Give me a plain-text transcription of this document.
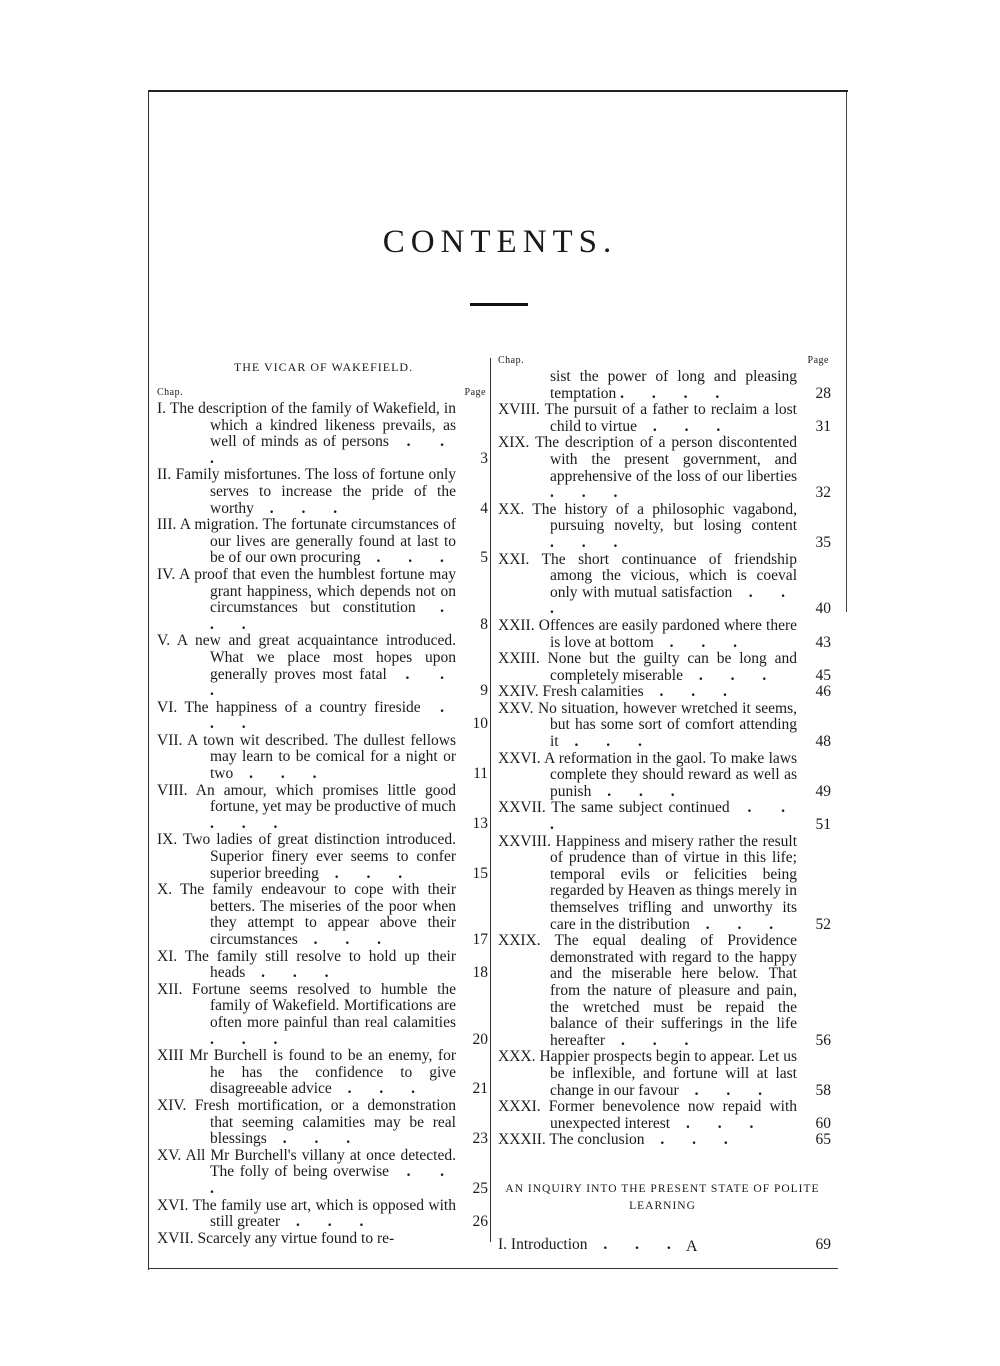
CONTENTS.
THE VICAR OF WAKEFIELD.
Chap.	Page
I. The description of the family of Wakefield, in which a kindred likeness prevails, as well of minds as of persons . . .	3
II. Family misfortunes. The loss of fortune only serves to increase the pride of the worthy . . .	4
III. A migration. The fortunate circumstances of our lives are generally found at last to be of our own procuring . . .	5
IV. A proof that even the humblest fortune may grant happiness, which depends not on circumstances but constitution . . .	8
V. A new and great acquaintance introduced. What we place most hopes upon generally proves most fatal . . .	9
VI. The happiness of a country fireside . . .	10
VII. A town wit described. The dullest fellows may learn to be comical for a night or two . . .	11
VIII. An amour, which promises little good fortune, yet may be productive of much . . .	13
IX. Two ladies of great distinction introduced. Superior finery ever seems to confer superior breeding . . .	15
X. The family endeavour to cope with their betters. The miseries of the poor when they attempt to appear above their circumstances . . .	17
XI. The family still resolve to hold up their heads . . .	18
XII. Fortune seems resolved to humble the family of Wakefield. Mortifications are often more painful than real calamities . . .	20
XIII Mr Burchell is found to be an enemy, for he has the confidence to give disagreeable advice . . .	21
XIV. Fresh mortification, or a demonstration that seeming calamities may be real blessings . . .	23
XV. All Mr Burchell's villany at once detected. The folly of being overwise . . .	25
XVI. The family use art, which is opposed with still greater . . .	26
XVII. Scarcely any virtue found to re-
Chap.	Page
sist the power of long and pleasing temptation . . . .	28
XVIII. The pursuit of a father to reclaim a lost child to virtue . . .	31
XIX. The description of a person discontented with the present government, and apprehensive of the loss of our liberties . . .	32
XX. The history of a philosophic vagabond, pursuing novelty, but losing content . . .	35
XXI. The short continuance of friendship among the vicious, which is coeval only with mutual satisfaction . . .	40
XXII. Offences are easily pardoned where there is love at bottom . . .	43
XXIII. None but the guilty can be long and completely miserable . . .	45
XXIV. Fresh calamities . . .	46
XXV. No situation, however wretched it seems, but has some sort of comfort attending it . . .	48
XXVI. A reformation in the gaol. To make laws complete they should reward as well as punish . . .	49
XXVII. The same subject continued . . .	51
XXVIII. Happiness and misery rather the result of prudence than of virtue in this life; temporal evils or felicities being regarded by Heaven as things merely in themselves trifling and unworthy its care in the distribution . . .	52
XXIX. The equal dealing of Providence demonstrated with regard to the happy and the miserable here below. That from the nature of pleasure and pain, the wretched must be repaid the balance of their sufferings in the life hereafter . . .	56
XXX. Happier prospects begin to appear. Let us be inflexible, and fortune will at last change in our favour . . .	58
XXXI. Former benevolence now repaid with unexpected interest . . .	60
XXXII. The conclusion . . .	65
AN INQUIRY INTO THE PRESENT STATE OF POLITE LEARNING
I. Introduction . . .	69
A
